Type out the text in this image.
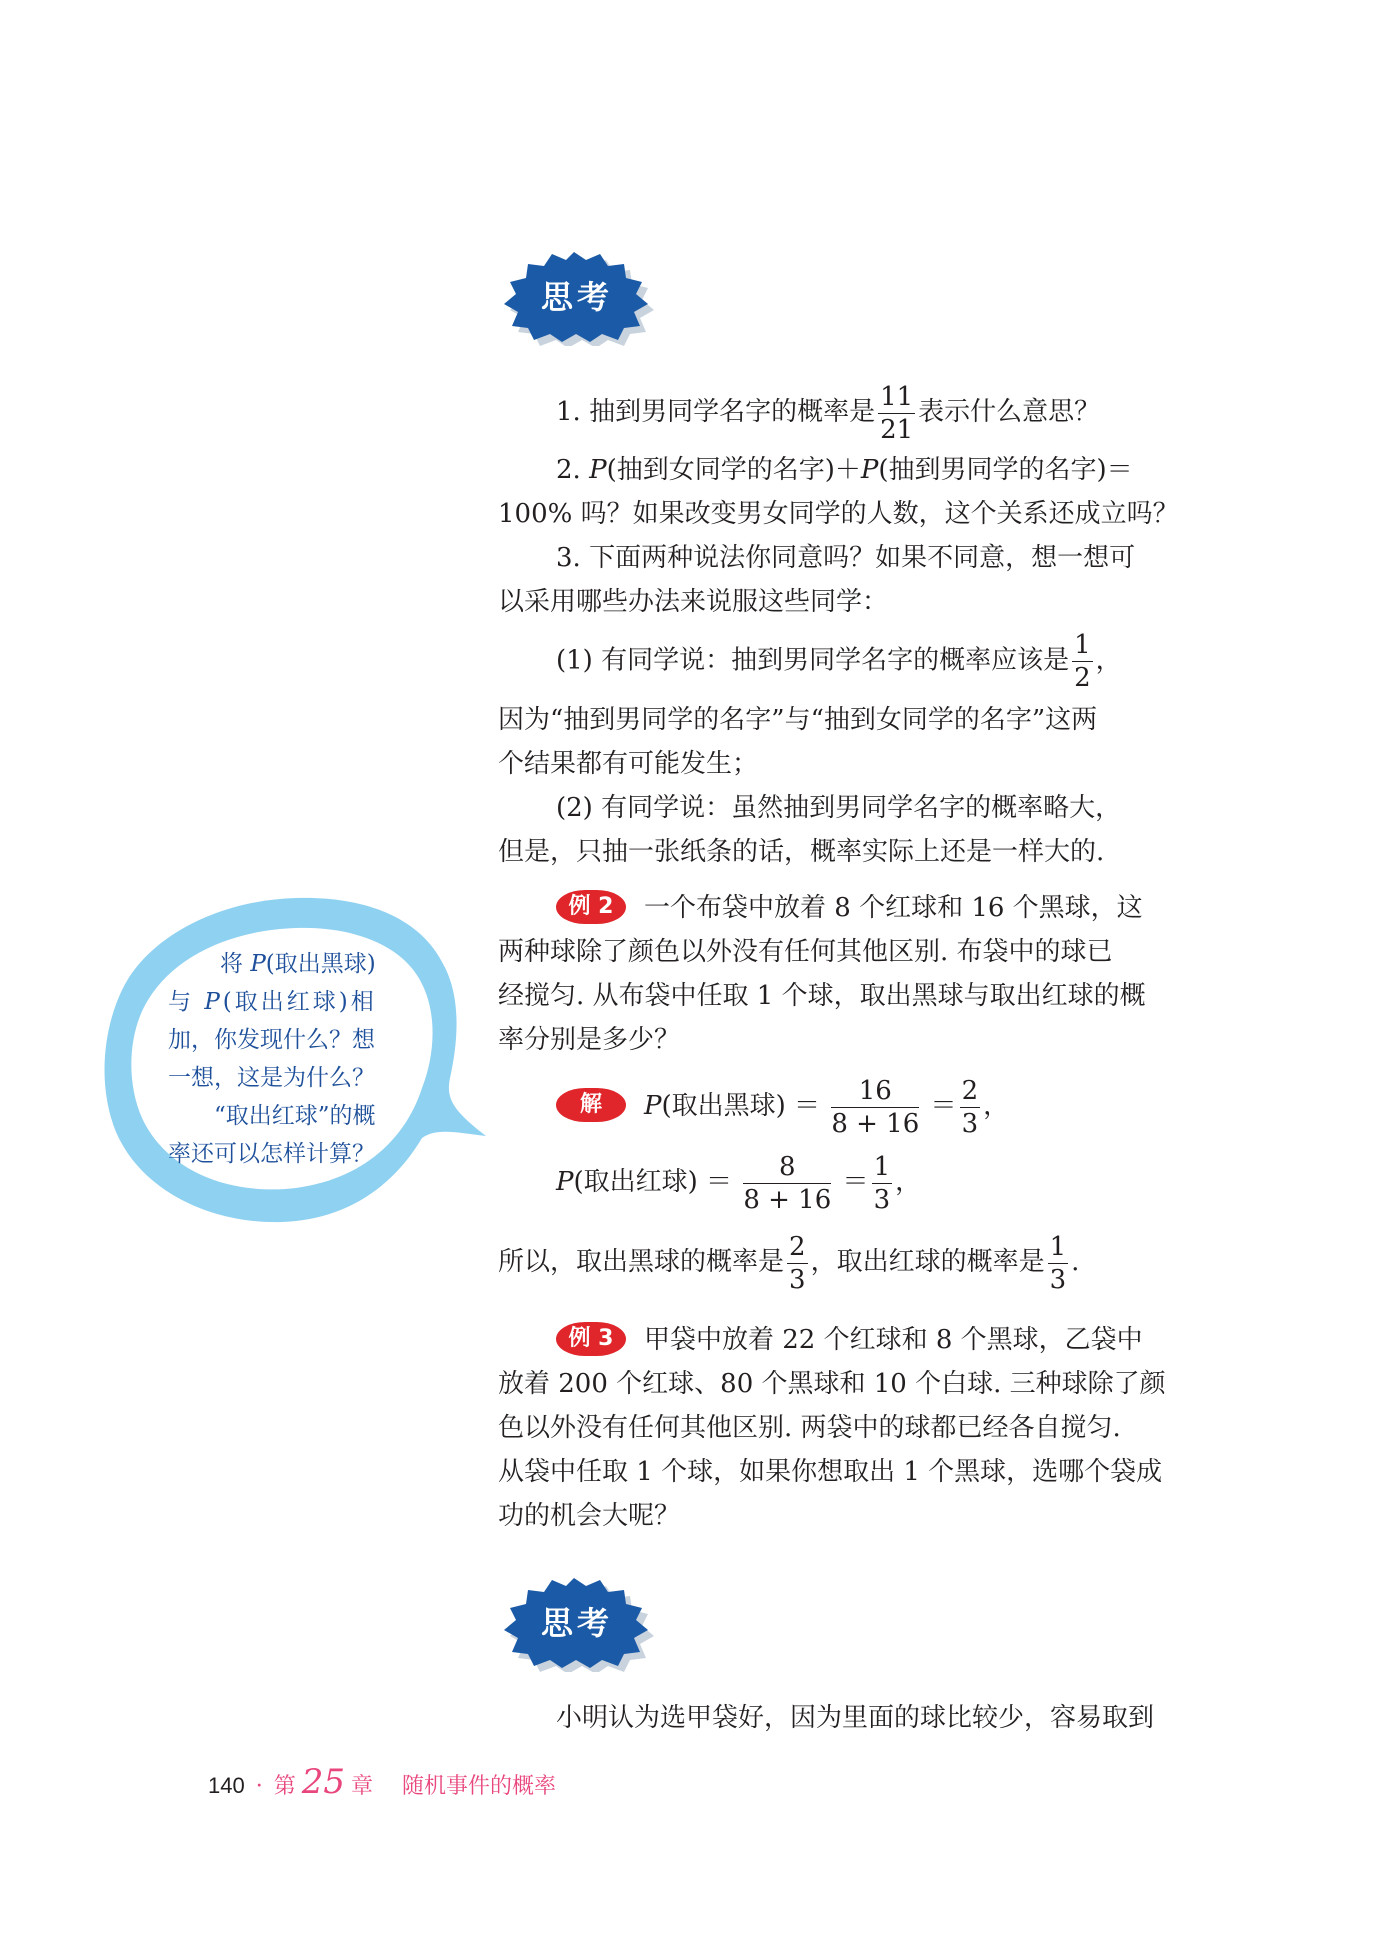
思考
1. 抽到男同学名字的概率是 $\frac{11}{21}$ 表示什么意思？
2. P(抽到女同学的名字)＋P(抽到男同学的名字)＝
100% 吗？如果改变男女同学的人数，这个关系还成立吗？
3. 下面两种说法你同意吗？如果不同意，想一想可
以采用哪些办法来说服这些同学：
(1) 有同学说：抽到男同学名字的概率应该是 $\frac{1}{2}$ ，
因为“抽到男同学的名字”与“抽到女同学的名字”这两
个结果都有可能发生；
(2) 有同学说：虽然抽到男同学名字的概率略大，
但是，只抽一张纸条的话，概率实际上还是一样大的.
例 2 一个布袋中放着 8 个红球和 16 个黑球，这
两种球除了颜色以外没有任何其他区别. 布袋中的球已
经搅匀. 从布袋中任取 1 个球，取出黑球与取出红球的概
率分别是多少？
解 P(取出黑球) ＝ $\frac{16}{8 + 16} = \frac{2}{3}$ ，
P(取出红球) ＝ $\frac{8}{8 + 16} = \frac{1}{3}$ ，
所以，取出黑球的概率是 $\frac{2}{3}$ ，取出红球的概率是 $\frac{1}{3}$ .
例 3 甲袋中放着 22 个红球和 8 个黑球，乙袋中
放着 200 个红球、80 个黑球和 10 个白球. 三种球除了颜
色以外没有任何其他区别. 两袋中的球都已经各自搅匀.
从袋中任取 1 个球，如果你想取出 1 个黑球，选哪个袋成
功的机会大呢？
思考
小明认为选甲袋好，因为里面的球比较少，容易取到
将 P(取出黑球)
与 P(取出红球)相
加，你发现什么？想
一想，这是为什么？
“取出红球”的概
率还可以怎样计算？
140 · 第 25 章 随机事件的概率
